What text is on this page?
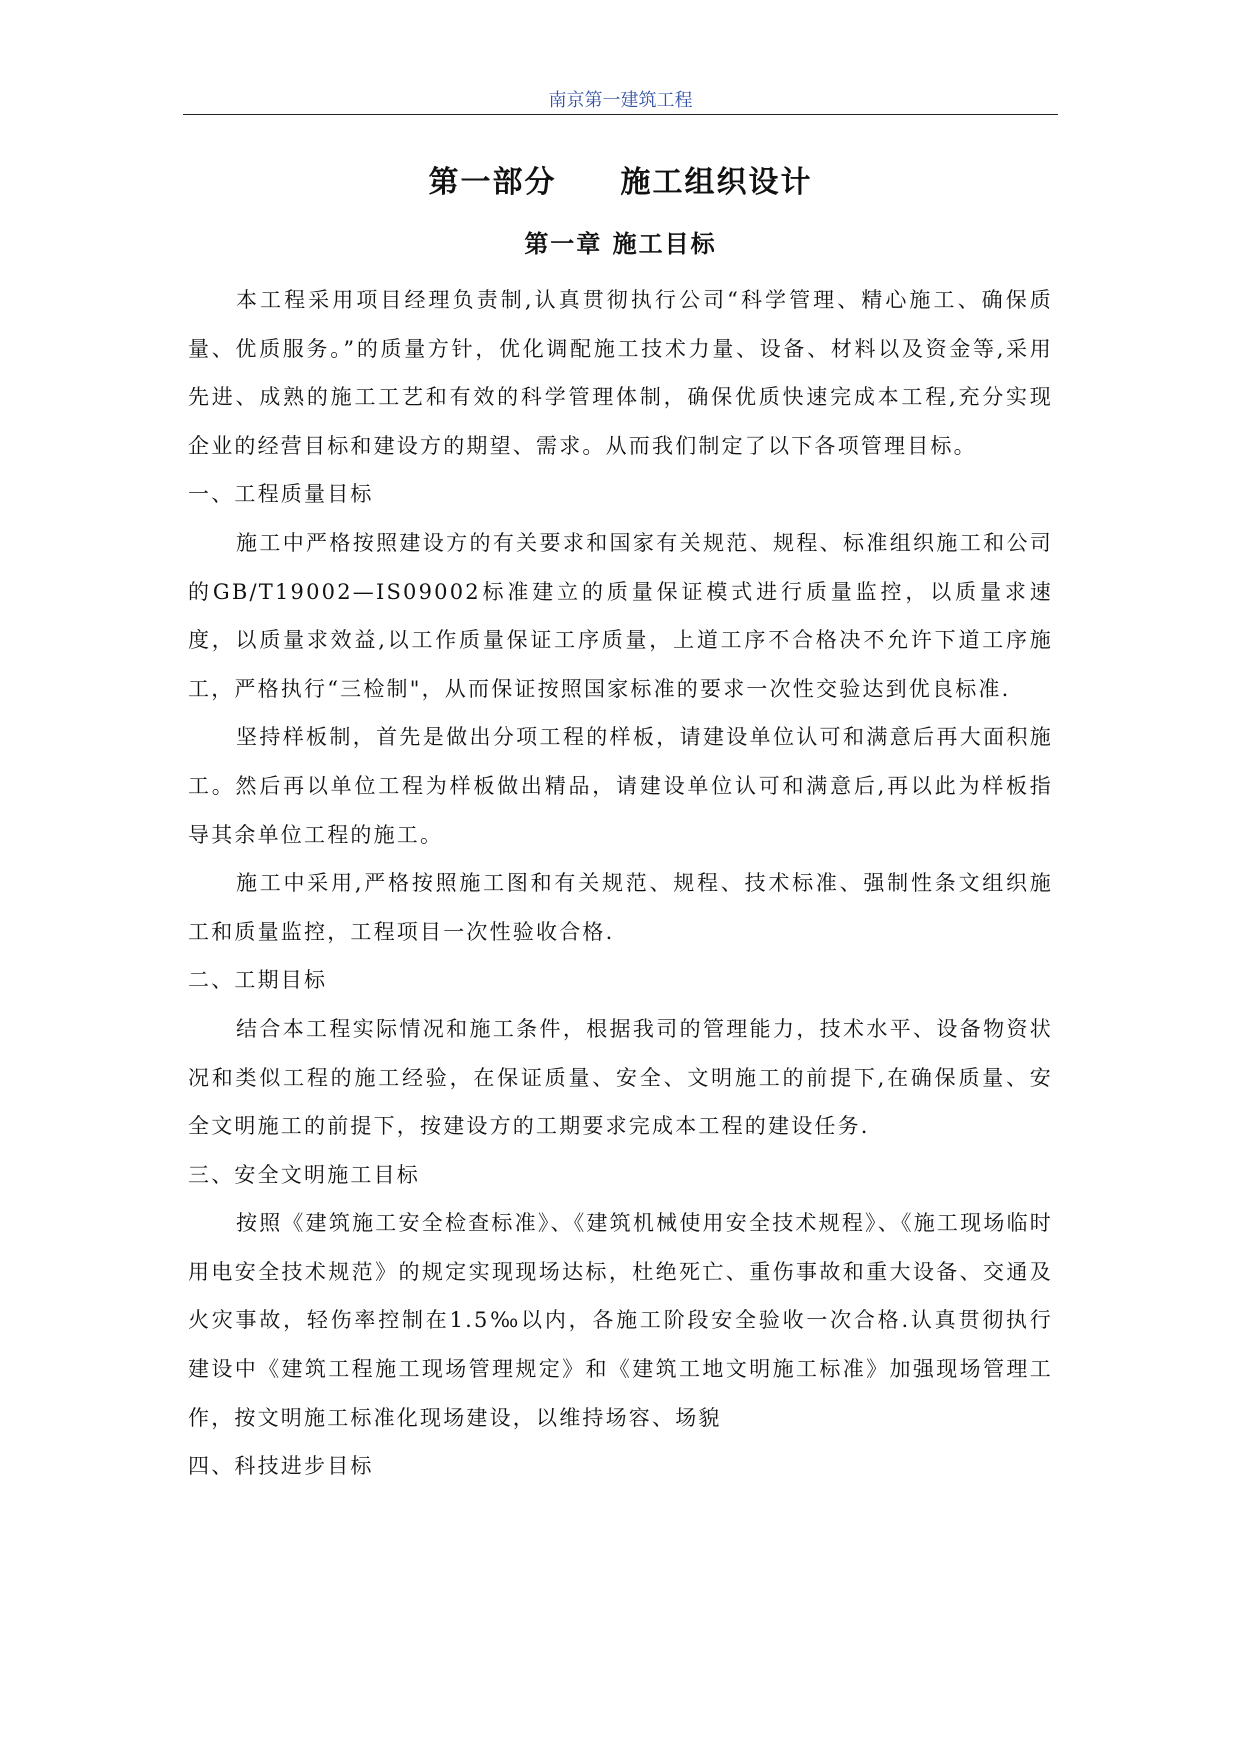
南京第一建筑工程
第一部分　　施工组织设计
第一章 施工目标

本工程采用项目经理负责制,认真贯彻执行公司“科学管理、精心施工、确保质量、优质服务。”的质量方针，优化调配施工技术力量、设备、材料以及资金等,采用先进、成熟的施工工艺和有效的科学管理体制，确保优质快速完成本工程,充分实现企业的经营目标和建设方的期望、需求。从而我们制定了以下各项管理目标。

一、工程质量目标

施工中严格按照建设方的有关要求和国家有关规范、规程、标准组织施工和公司的GB/T19002—IS09002标准建立的质量保证模式进行质量监控，以质量求速度，以质量求效益,以工作质量保证工序质量，上道工序不合格决不允许下道工序施工，严格执行“三检制"，从而保证按照国家标准的要求一次性交验达到优良标准.

坚持样板制，首先是做出分项工程的样板，请建设单位认可和满意后再大面积施工。然后再以单位工程为样板做出精品，请建设单位认可和满意后,再以此为样板指导其余单位工程的施工。

施工中采用,严格按照施工图和有关规范、规程、技术标准、强制性条文组织施工和质量监控，工程项目一次性验收合格.

二、工期目标

结合本工程实际情况和施工条件，根据我司的管理能力，技术水平、设备物资状况和类似工程的施工经验，在保证质量、安全、文明施工的前提下,在确保质量、安全文明施工的前提下，按建设方的工期要求完成本工程的建设任务.

三、安全文明施工目标

按照《建筑施工安全检查标准》、《建筑机械使用安全技术规程》、《施工现场临时用电安全技术规范》的规定实现现场达标，杜绝死亡、重伤事故和重大设备、交通及火灾事故，轻伤率控制在1.5‰以内，各施工阶段安全验收一次合格.认真贯彻执行建设中《建筑工程施工现场管理规定》和《建筑工地文明施工标准》加强现场管理工作，按文明施工标准化现场建设，以维持场容、场貌

四、科技进步目标
